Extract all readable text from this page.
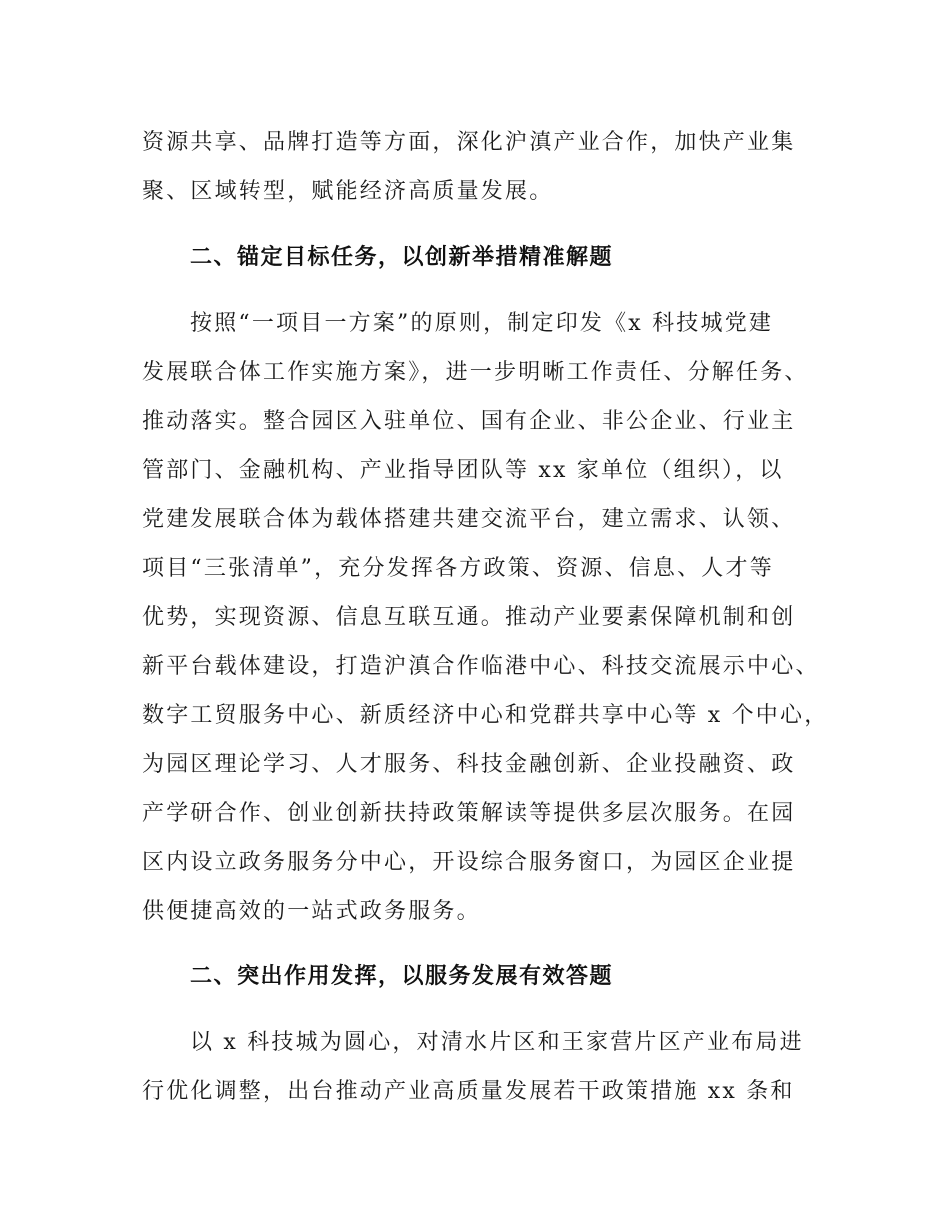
资源共享、品牌打造等方面，深化沪滇产业合作，加快产业集
聚、区域转型，赋能经济高质量发展。
二、锚定目标任务，以创新举措精准解题
按照“一项目一方案”的原则，制定印发《x 科技城党建
发展联合体工作实施方案》，进一步明晰工作责任、分解任务、
推动落实。整合园区入驻单位、国有企业、非公企业、行业主
管部门、金融机构、产业指导团队等 xx 家单位（组织），以
党建发展联合体为载体搭建共建交流平台，建立需求、认领、
项目“三张清单”，充分发挥各方政策、资源、信息、人才等
优势，实现资源、信息互联互通。推动产业要素保障机制和创
新平台载体建设，打造沪滇合作临港中心、科技交流展示中心、
数字工贸服务中心、新质经济中心和党群共享中心等 x 个中心，
为园区理论学习、人才服务、科技金融创新、企业投融资、政
产学研合作、创业创新扶持政策解读等提供多层次服务。在园
区内设立政务服务分中心，开设综合服务窗口，为园区企业提
供便捷高效的一站式政务服务。
二、突出作用发挥，以服务发展有效答题
以 x 科技城为圆心，对清水片区和王家营片区产业布局进
行优化调整，出台推动产业高质量发展若干政策措施 xx 条和
